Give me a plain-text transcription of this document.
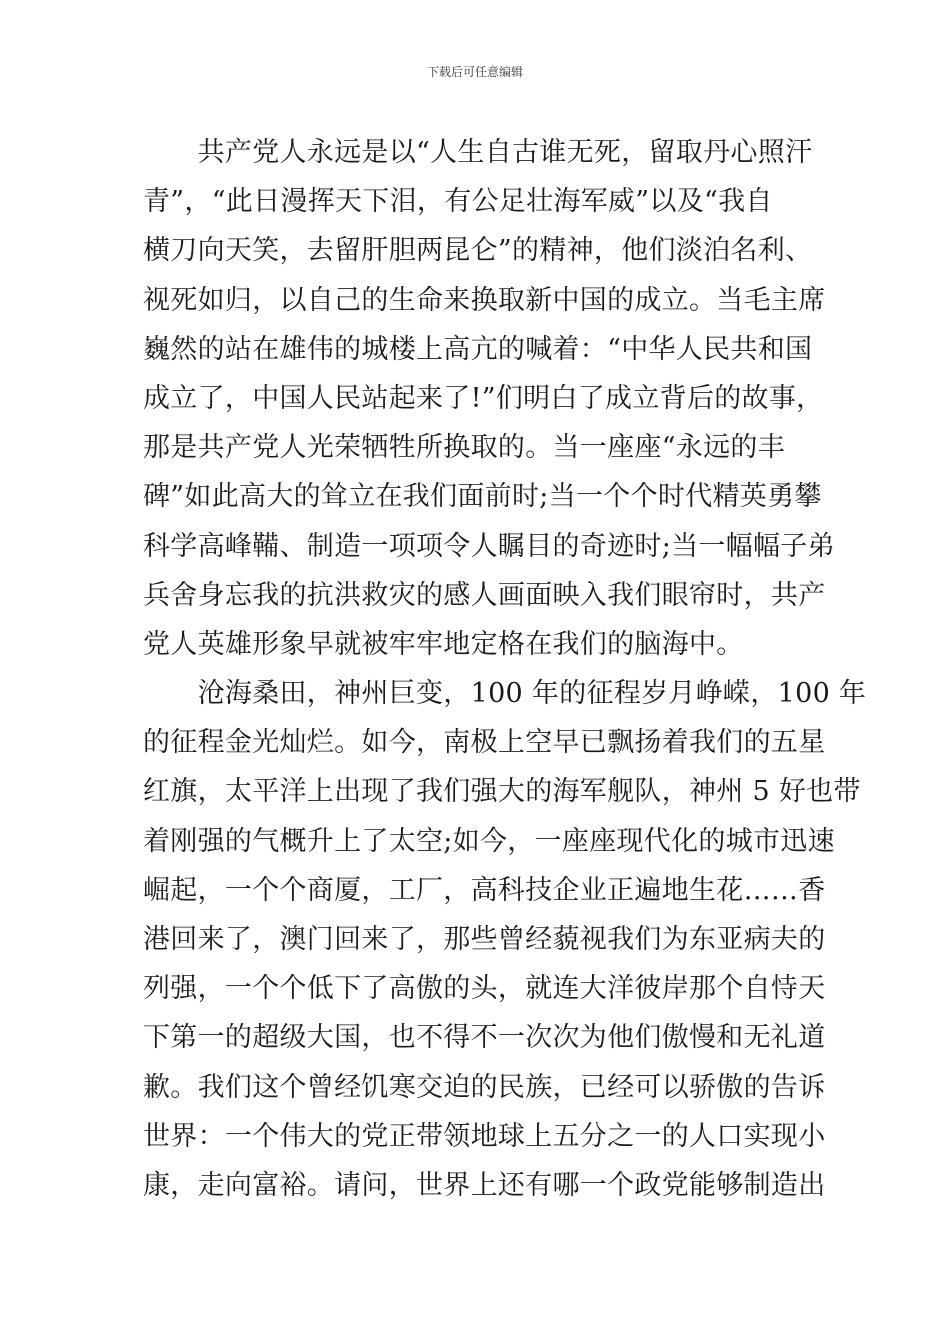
下载后可任意编辑
　　共产党人永远是以“人生自古谁无死，留取丹心照汗
青”，“此日漫挥天下泪，有公足壮海军威”以及“我自
横刀向天笑，去留肝胆两昆仑”的精神，他们淡泊名利、
视死如归，以自己的生命来换取新中国的成立。当毛主席
巍然的站在雄伟的城楼上高亢的喊着：“中华人民共和国
成立了，中国人民站起来了!”们明白了成立背后的故事，
那是共产党人光荣牺牲所换取的。当一座座“永远的丰
碑”如此高大的耸立在我们面前时;当一个个时代精英勇攀
科学高峰鞴、制造一项项令人瞩目的奇迹时;当一幅幅子弟
兵舍身忘我的抗洪救灾的感人画面映入我们眼帘时，共产
党人英雄形象早就被牢牢地定格在我们的脑海中。
　　沧海桑田，神州巨变，100 年的征程岁月峥嵘，100 年
的征程金光灿烂。如今，南极上空早已飘扬着我们的五星
红旗，太平洋上出现了我们强大的海军舰队，神州 5 好也带
着刚强的气概升上了太空;如今，一座座现代化的城市迅速
崛起，一个个商厦，工厂，高科技企业正遍地生花……香
港回来了，澳门回来了，那些曾经藐视我们为东亚病夫的
列强，一个个低下了高傲的头，就连大洋彼岸那个自恃天
下第一的超级大国，也不得不一次次为他们傲慢和无礼道
歉。我们这个曾经饥寒交迫的民族，已经可以骄傲的告诉
世界：一个伟大的党正带领地球上五分之一的人口实现小
康，走向富裕。请问，世界上还有哪一个政党能够制造出
